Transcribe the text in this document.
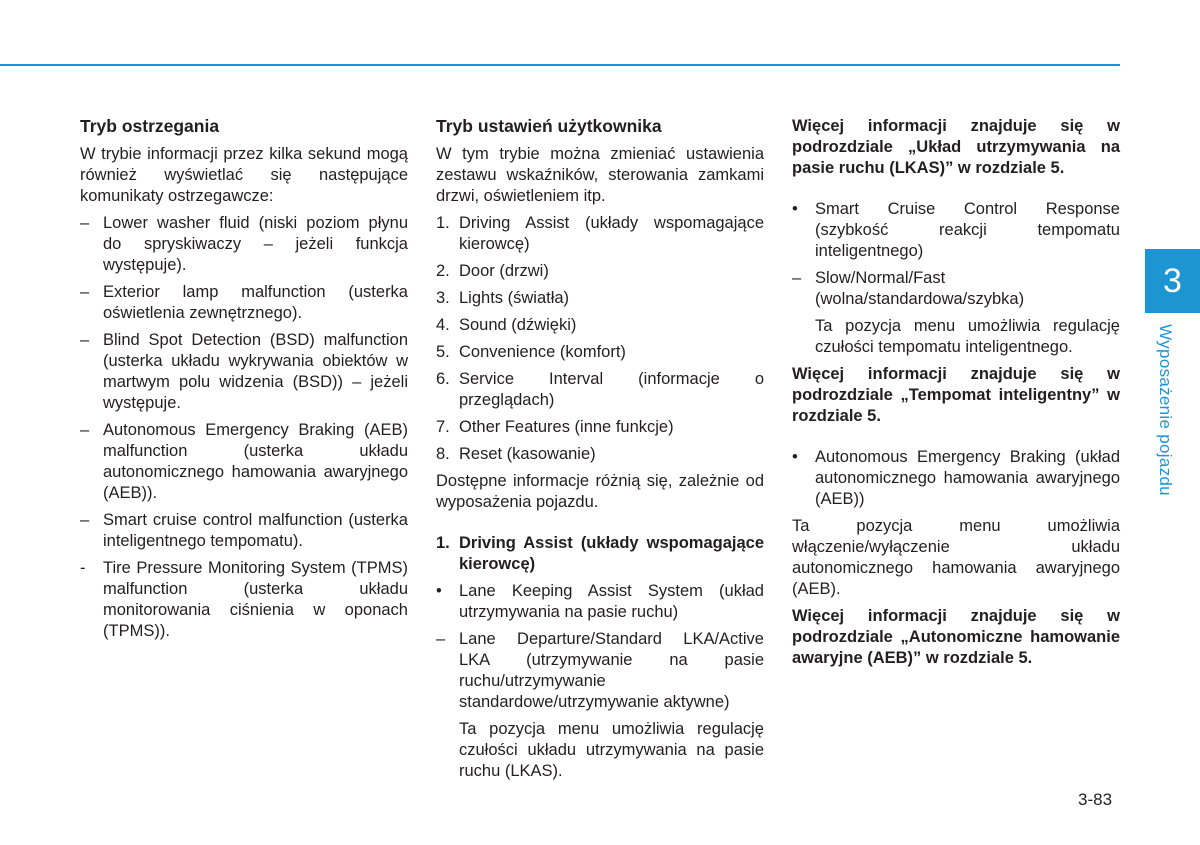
Tryb ostrzegania

W trybie informacji przez kilka sekund mogą również wyświetlać się następujące komunikaty ostrzegawcze:

– Lower washer fluid (niski poziom płynu do spryskiwaczy – jeżeli funkcja występuje).
– Exterior lamp malfunction (usterka oświetlenia zewnętrznego).
– Blind Spot Detection (BSD) malfunction (usterka układu wykrywania obiektów w martwym polu widzenia (BSD)) – jeżeli występuje.
– Autonomous Emergency Braking (AEB) malfunction (usterka układu autonomicznego hamowania awaryjnego (AEB)).
– Smart cruise control malfunction (usterka inteligentnego tempomatu).
-	Tire Pressure Monitoring System (TPMS) malfunction (usterka układu monitorowania ciśnienia w oponach (TPMS)).
Tryb ustawień użytkownika

W tym trybie można zmieniać ustawienia zestawu wskaźników, sterowania zamkami drzwi, oświetleniem itp.

1. Driving Assist (układy wspomagające kierowcę)
2. Door (drzwi)
3. Lights (światła)
4. Sound (dźwięki)
5. Convenience (komfort)
6. Service Interval (informacje o przeglądach)
7. Other Features (inne funkcje)
8. Reset (kasowanie)

Dostępne informacje różnią się, zależnie od wyposażenia pojazdu.

1. Driving Assist (układy wspomagające kierowcę)
•	Lane Keeping Assist System (układ utrzymywania na pasie ruchu)
– Lane Departure/Standard LKA/Active LKA (utrzymywanie na pasie ruchu/utrzymywanie standardowe/utrzymywanie aktywne)
Ta pozycja menu umożliwia regulację czułości układu utrzymywania na pasie ruchu (LKAS).

Więcej informacji znajduje się w podrozdziale „Układ utrzymywania na pasie ruchu (LKAS)” w rozdziale 5.

•	Smart Cruise Control Response (szybkość reakcji tempomatu inteligentnego)
– Slow/Normal/Fast (wolna/standardowa/szybka)
Ta pozycja menu umożliwia regulację czułości tempomatu inteligentnego.

Więcej informacji znajduje się w podrozdziale „Tempomat inteligentny” w rozdziale 5.

•	Autonomous Emergency Braking (układ autonomicznego hamowania awaryjnego (AEB))

Ta pozycja menu umożliwia włączenie/wyłączenie układu autonomicznego hamowania awaryjnego (AEB).

Więcej informacji znajduje się w podrozdziale „Autonomiczne hamowanie awaryjne (AEB)” w rozdziale 5.

3
Wyposażenie pojazdu
3-83
